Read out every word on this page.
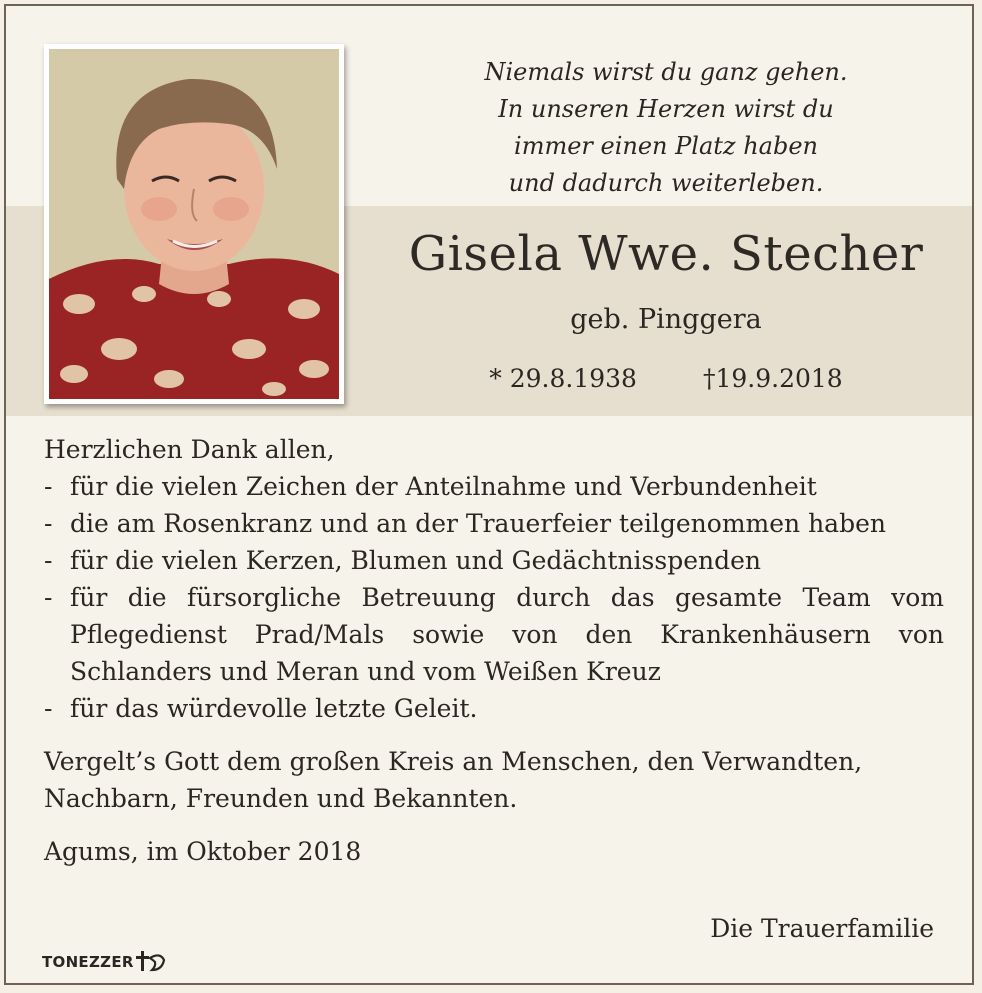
Niemals wirst du ganz gehen.
In unseren Herzen wirst du
immer einen Platz haben
und dadurch weiterleben.
Gisela Wwe. Stecher
geb. Pinggera
* 29.8.1938	†19.9.2018

Herzlichen Dank allen,

- für die vielen Zeichen der Anteilnahme und Verbundenheit
- die am Rosenkranz und an der Trauerfeier teilgenommen haben
- für die vielen Kerzen, Blumen und Gedächtnisspenden
- für die fürsorgliche Betreuung durch das gesamte Team vom Pflegedienst Prad/Mals sowie von den Krankenhäusern von Schlanders und Meran und vom Weißen Kreuz
- für das würdevolle letzte Geleit.

Vergelt’s Gott dem großen Kreis an Menschen, den Verwandten, Nachbarn, Freunden und Bekannten.

Agums, im Oktober 2018

Die Trauerfamilie
TONEZZER
